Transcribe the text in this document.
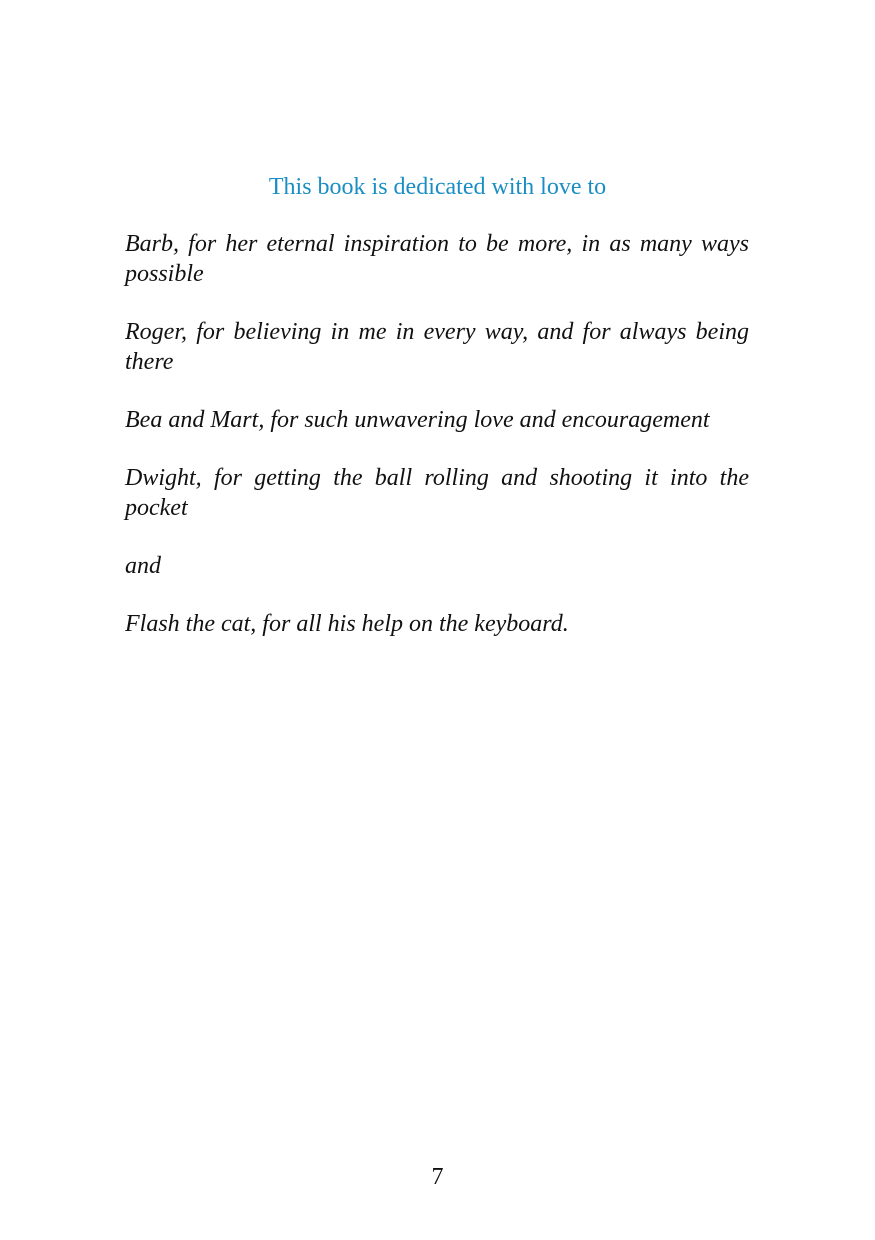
This book is dedicated with love to

Barb, for her eternal inspiration to be more, in as many ways possible

Roger, for believing in me in every way, and for always being there

Bea and Mart, for such unwavering love and encouragement

Dwight, for getting the ball rolling and shooting it into the pocket

and

Flash the cat, for all his help on the keyboard.

7
